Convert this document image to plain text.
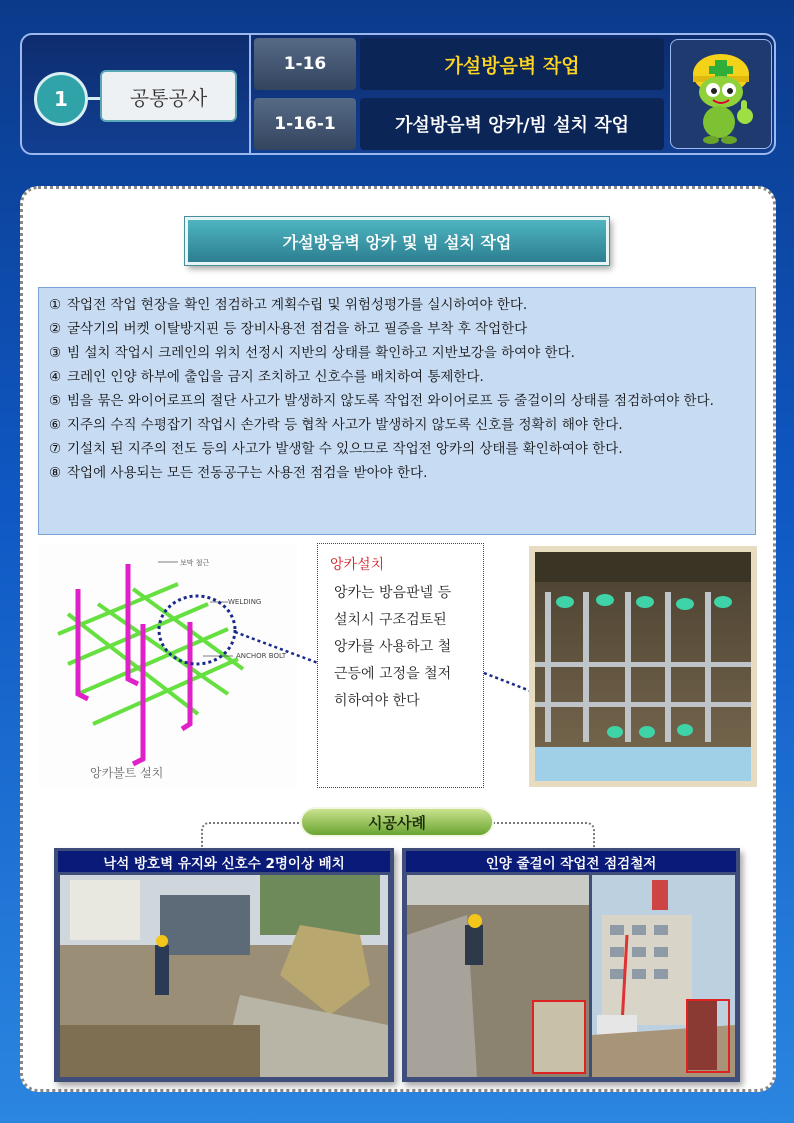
1	공통공사
1-16	가설방음벽 작업
1-16-1	가설방음벽 앙카/빔 설치 작업
가설방음벽 앙카 및 빔 설치 작업
① 작업전 작업 현장을 확인 점검하고 계획수립 및 위험성평가를 실시하여야 한다.
② 굴삭기의 버켓 이탈방지핀 등 장비사용전 점검을 하고 필증을 부착 후 작업한다
③ 빔 설치 작업시 크레인의 위치 선정시 지반의 상태를 확인하고 지반보강을 하여야 한다.
④ 크레인 인양 하부에 출입을 금지 조치하고 신호수를 배치하여 통제한다.
⑤ 빔을 묶은 와이어로프의 절단 사고가 발생하지 않도록 작업전 와이어로프 등 줄걸이의 상태를 점검하여야 한다.
⑥ 지주의 수직 수평잡기 작업시 손가락 등 협착 사고가 발생하지 않도록 신호를 정확히 해야 한다.
⑦ 기설치 된 지주의 전도 등의 사고가 발생할 수 있으므로 작업전 앙카의 상태를 확인하여야 한다.
⑧ 작업에 사용되는 모든 전동공구는 사용전 점검을 받아야 한다.
보막 철근
WELDING
ANCHOR BOLT
앙카볼트 설치
앙카설치
앙카는 방음판넬 등
설치시 구조검토된
앙카를 사용하고 철
근등에 고정을 철저
히하여야 한다
시공사례
낙석 방호벽 유지와 신호수 2명이상 배치	인양 줄걸이 작업전 점검철저
